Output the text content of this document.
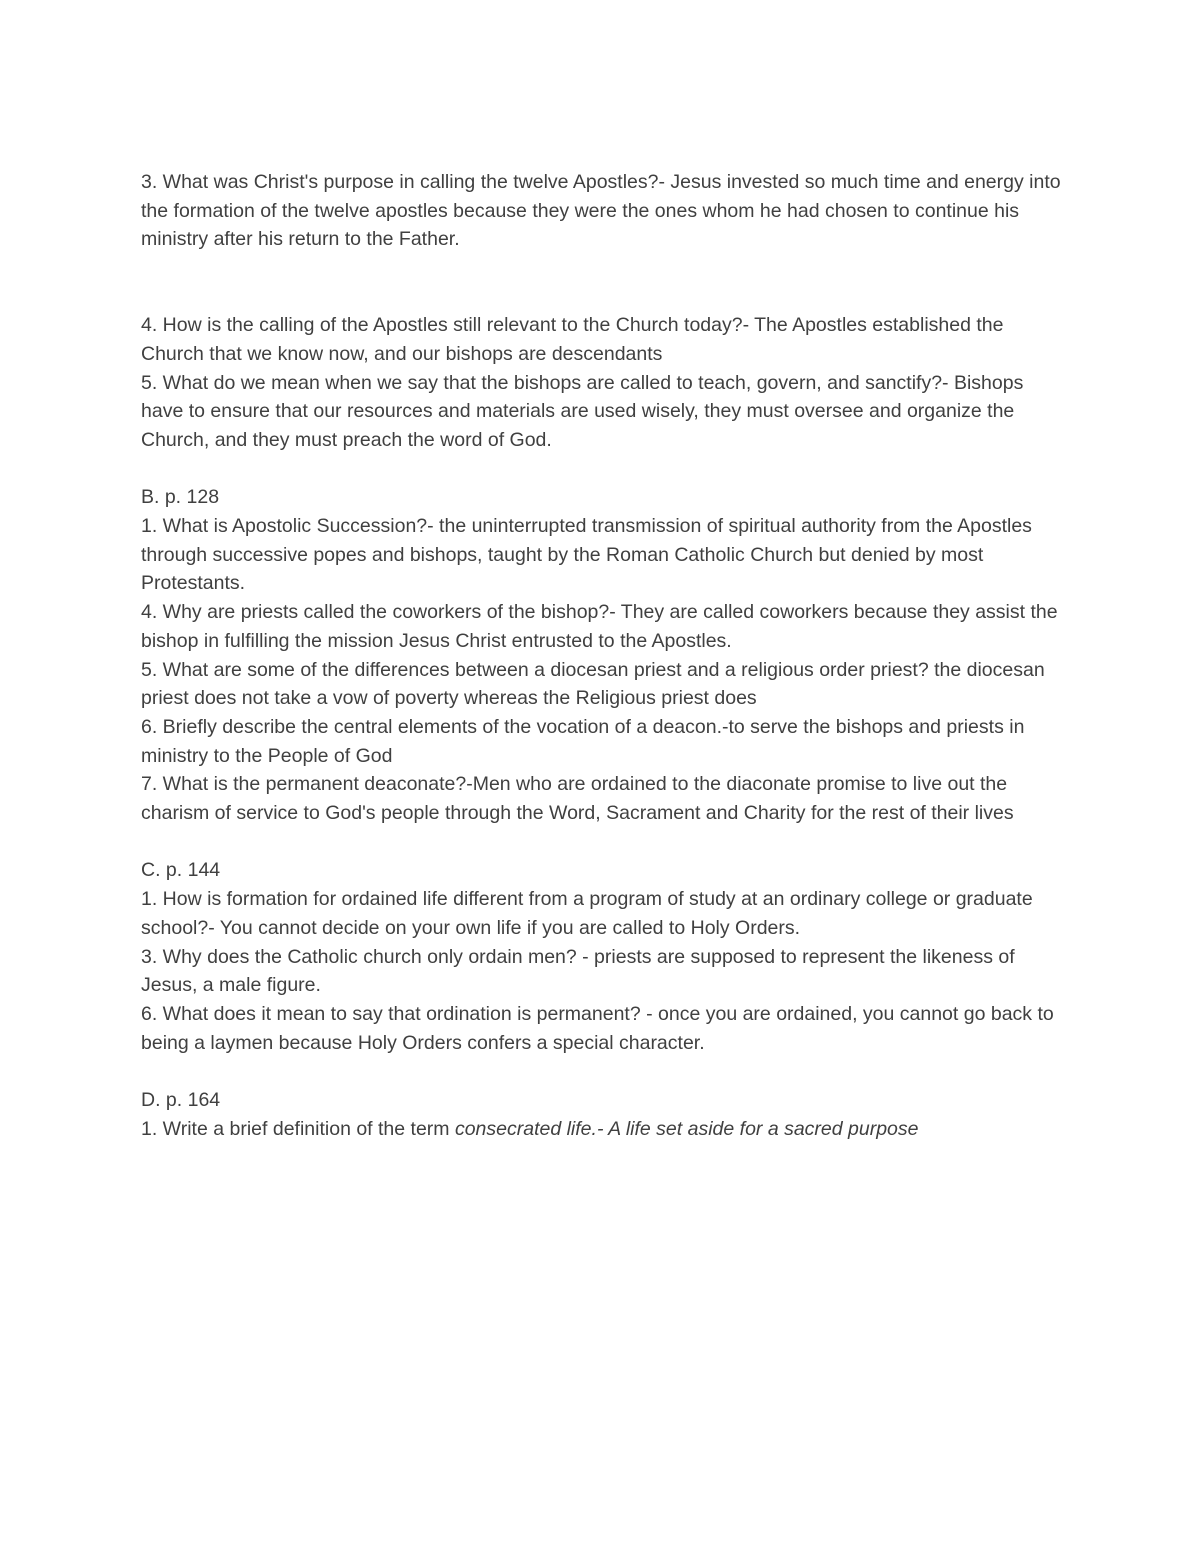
3. What was Christ's purpose in calling the twelve Apostles?- Jesus invested so much time and energy into the formation of the twelve apostles because they were the ones whom he had chosen to continue his ministry after his return to the Father.

4. How is the calling of the Apostles still relevant to the Church today?- The Apostles established the Church that we know now, and our bishops are descendants

5. What do we mean when we say that the bishops are called to teach, govern, and sanctify?- Bishops have to ensure that our resources and materials are used wisely, they must oversee and organize the Church, and they must preach the word of God.

B. p. 128

1. What is Apostolic Succession?- the uninterrupted transmission of spiritual authority from the Apostles through successive popes and bishops, taught by the Roman Catholic Church but denied by most Protestants.

4. Why are priests called the coworkers of the bishop?- They are called coworkers because they assist the bishop in fulfilling the mission Jesus Christ entrusted to the Apostles.

5. What are some of the differences between a diocesan priest and a religious order priest? the diocesan priest does not take a vow of poverty whereas the Religious priest does

6. Briefly describe the central elements of the vocation of a deacon.-to serve the bishops and priests in ministry to the People of God

7. What is the permanent deaconate?-Men who are ordained to the diaconate promise to live out the charism of service to God's people through the Word, Sacrament and Charity for the rest of their lives

C. p. 144

1. How is formation for ordained life different from a program of study at an ordinary college or graduate school?- You cannot decide on your own life if you are called to Holy Orders.

3. Why does the Catholic church only ordain men? - priests are supposed to represent the likeness of Jesus, a male figure.

6. What does it mean to say that ordination is permanent? - once you are ordained, you cannot go back to being a laymen because Holy Orders confers a special character.

D. p. 164

1. Write a brief definition of the term consecrated life.- A life set aside for a sacred purpose
